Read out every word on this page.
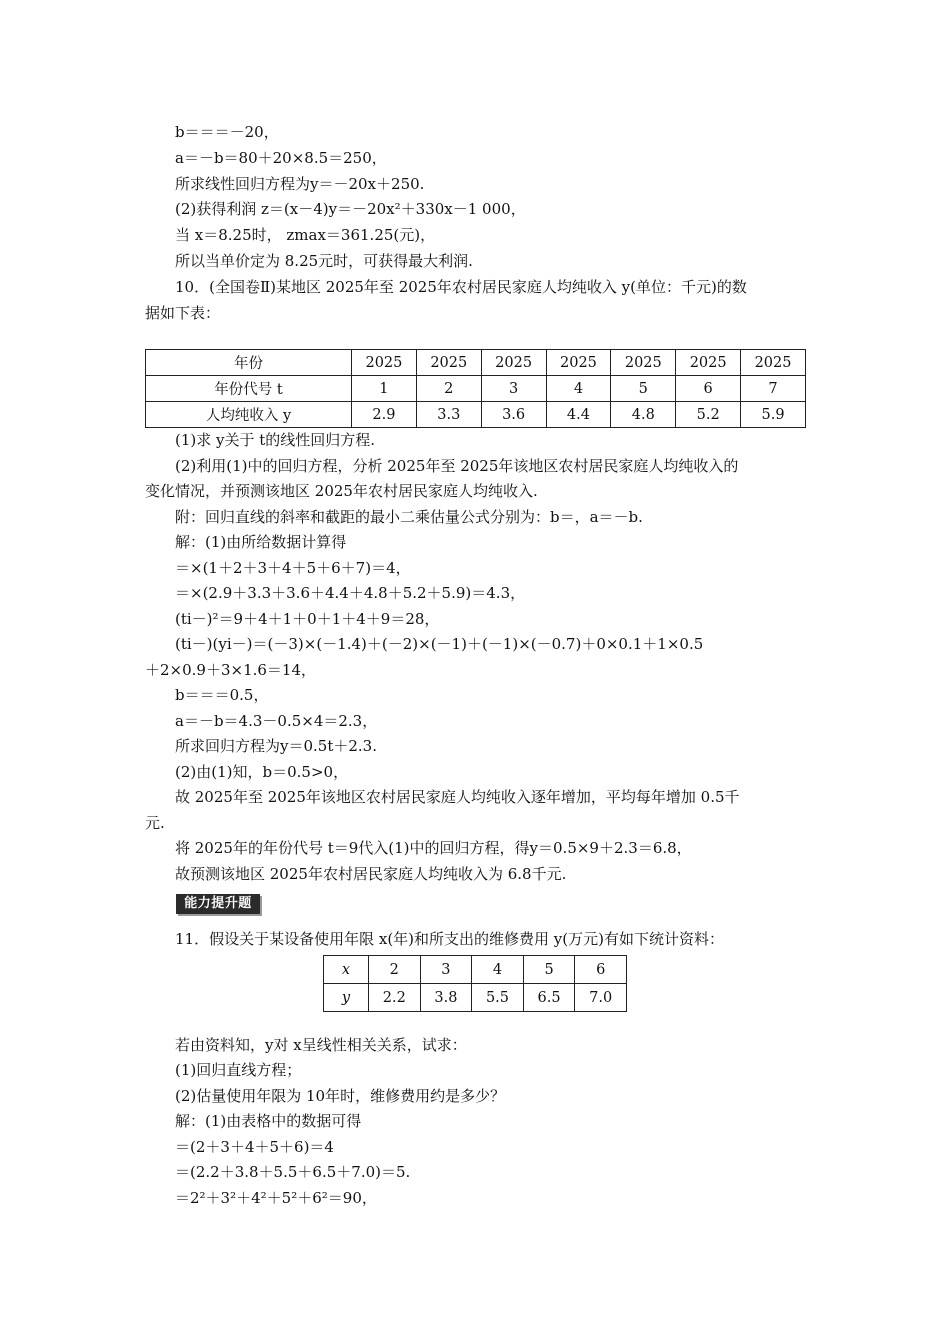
b＝＝＝－20，
a＝－b＝80＋20×8.5＝250，
所求线性回归方程为y＝－20x＋250.
(2)获得利润 z＝(x－4)y＝－20x²＋330x－1 000，
当 x＝8.25时， zmax＝361.25(元)，
所以当单价定为 8.25元时，可获得最大利润.
10．(全国卷Ⅱ)某地区 2025年至 2025年农村居民家庭人均纯收入 y(单位：千元)的数
据如下表：
年份	2025	2025	2025	2025	2025	2025	2025
年份代号 t	1	2	3	4	5	6	7
人均纯收入 y	2.9	3.3	3.6	4.4	4.8	5.2	5.9
(1)求 y关于 t的线性回归方程.
(2)利用(1)中的回归方程，分析 2025年至 2025年该地区农村居民家庭人均纯收入的
变化情况，并预测该地区 2025年农村居民家庭人均纯收入.
附：回归直线的斜率和截距的最小二乘估量公式分别为：b＝，a＝－b.
解：(1)由所给数据计算得
＝×(1＋2＋3＋4＋5＋6＋7)＝4，
＝×(2.9＋3.3＋3.6＋4.4＋4.8＋5.2＋5.9)＝4.3，
(ti－)²＝9＋4＋1＋0＋1＋4＋9＝28，
(ti－)(yi－)＝(－3)×(－1.4)＋(－2)×(－1)＋(－1)×(－0.7)＋0×0.1＋1×0.5
＋2×0.9＋3×1.6＝14，
b＝＝＝0.5，
a＝－b＝4.3－0.5×4＝2.3，
所求回归方程为y＝0.5t＋2.3.
(2)由(1)知，b＝0.5>0，
故 2025年至 2025年该地区农村居民家庭人均纯收入逐年增加，平均每年增加 0.5千
元.
将 2025年的年份代号 t＝9代入(1)中的回归方程，得y＝0.5×9＋2.3＝6.8，
故预测该地区 2025年农村居民家庭人均纯收入为 6.8千元.
能力提升题
11．假设关于某设备使用年限 x(年)和所支出的维修费用 y(万元)有如下统计资料：
x	2	3	4	5	6
y	2.2	3.8	5.5	6.5	7.0
若由资料知，y对 x呈线性相关关系，试求：
(1)回归直线方程；
(2)估量使用年限为 10年时，维修费用约是多少？
解：(1)由表格中的数据可得
＝(2＋3＋4＋5＋6)＝4
＝(2.2＋3.8＋5.5＋6.5＋7.0)＝5.
＝2²＋3²＋4²＋5²＋6²＝90，
